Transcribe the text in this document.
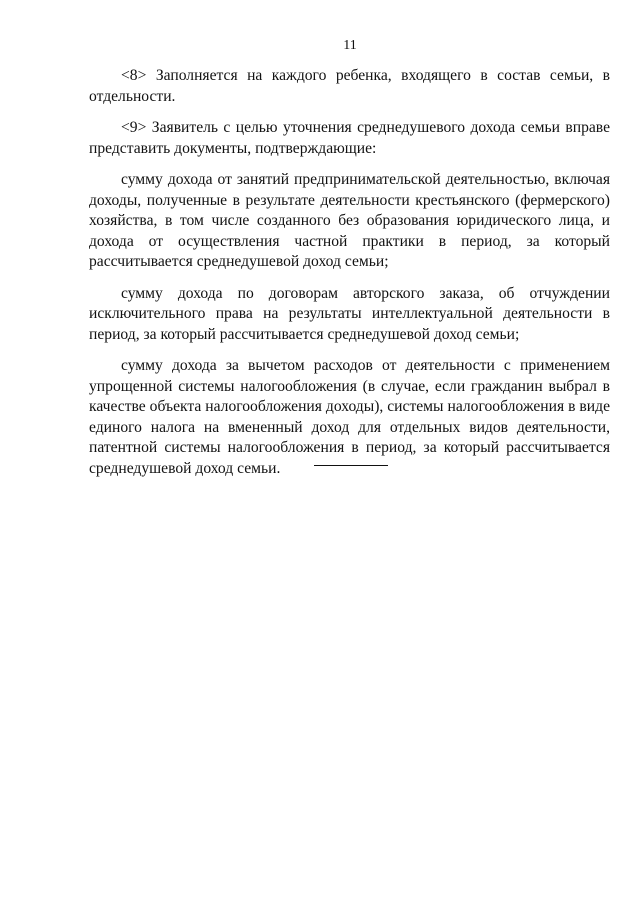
11

<8> Заполняется на каждого ребенка, входящего в состав семьи, в отдельности.

<9> Заявитель с целью уточнения среднедушевого дохода семьи вправе представить документы, подтверждающие:

сумму дохода от занятий предпринимательской деятельностью, включая доходы, полученные в результате деятельности крестьянского (фермерского) хозяйства, в том числе созданного без образования юридического лица, и дохода от осуществления частной практики в период, за который рассчитывается среднедушевой доход семьи;

сумму дохода по договорам авторского заказа, об отчуждении исключительного права на результаты интеллектуальной деятельности в период, за который рассчитывается среднедушевой доход семьи;

сумму дохода за вычетом расходов от деятельности с применением упрощенной системы налогообложения (в случае, если гражданин выбрал в качестве объекта налогообложения доходы), системы налогообложения в виде единого налога на вмененный доход для отдельных видов деятельности, патентной системы налогообложения в период, за который рассчитывается среднедушевой доход семьи.
